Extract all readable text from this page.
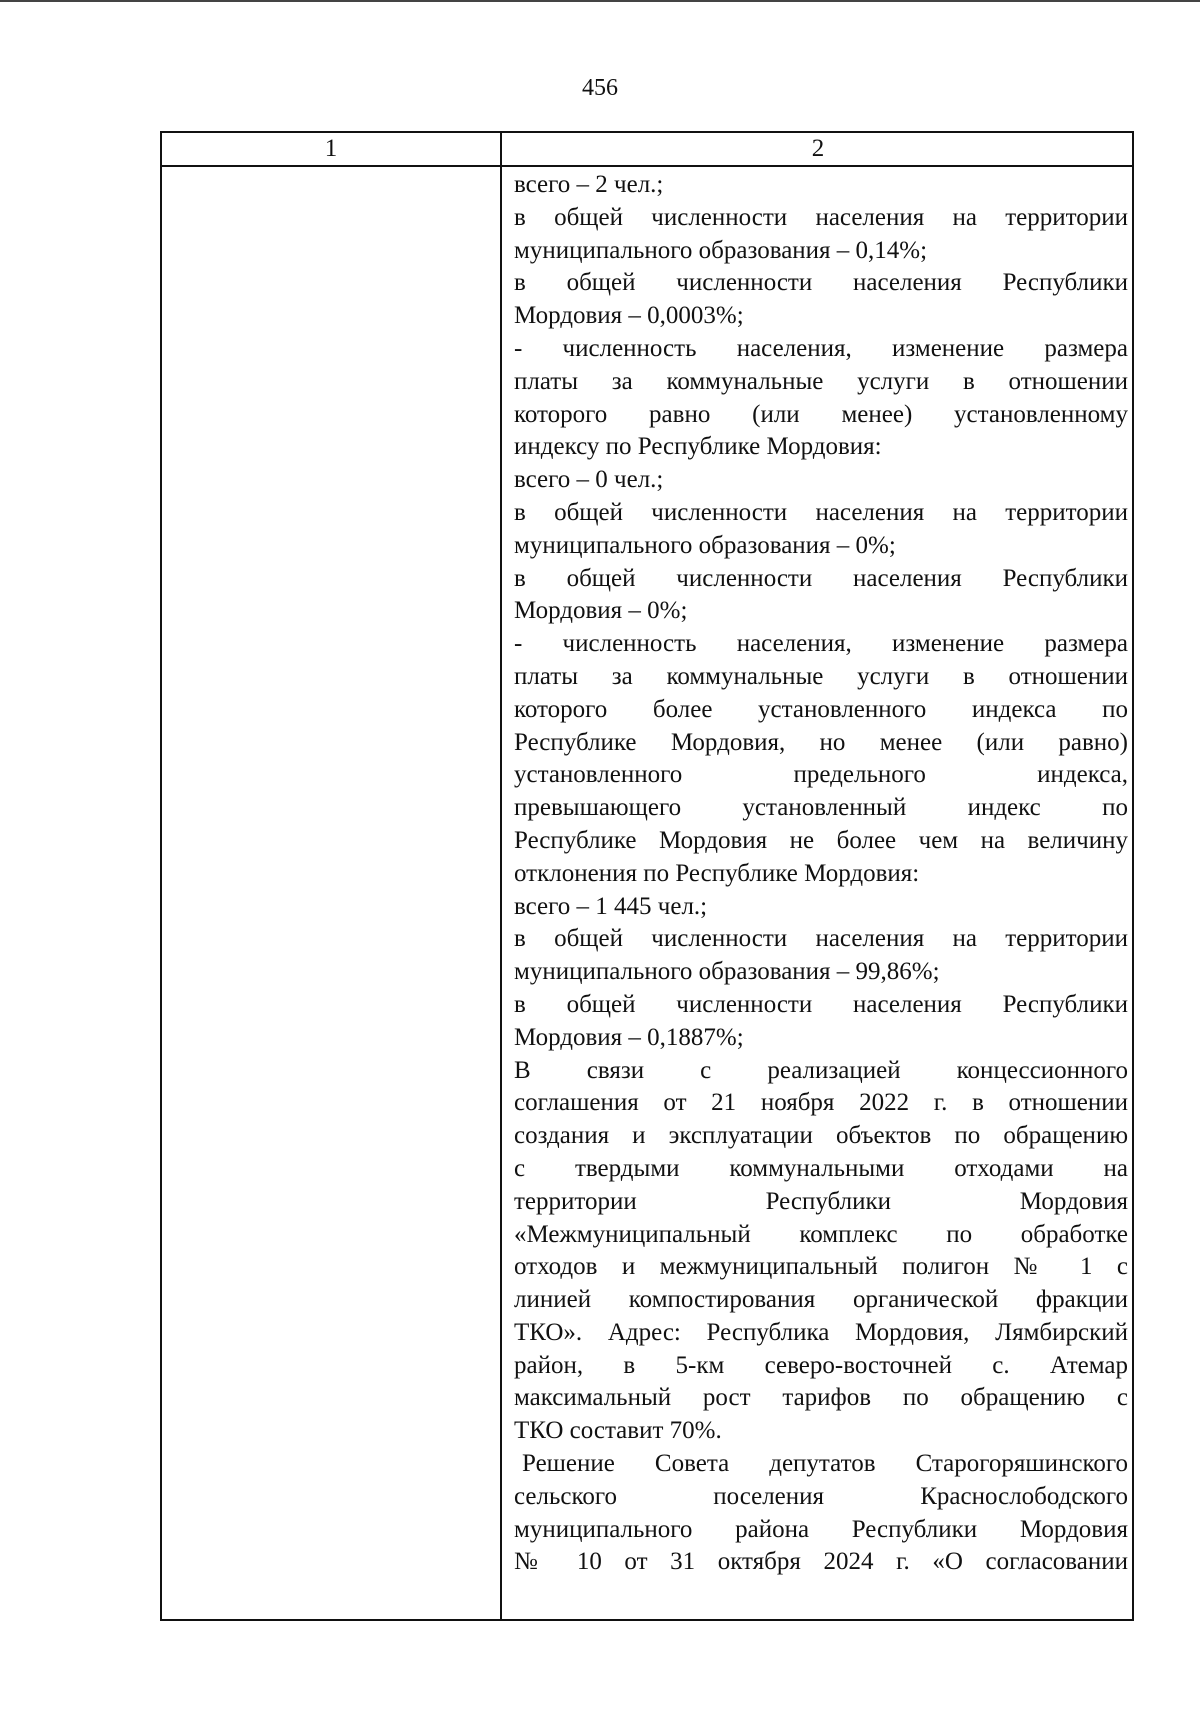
456
1	2

всего – 2 чел.;

в общей численности населения на территории

муниципального образования – 0,14%;

в общей численности населения Республики

Мордовия – 0,0003%;

- численность населения, изменение размера

платы за коммунальные услуги в отношении

которого равно (или менее) установленному

индексу по Республике Мордовия:

всего – 0 чел.;

в общей численности населения на территории

муниципального образования – 0%;

в общей численности населения Республики

Мордовия – 0%;

- численность населения, изменение размера

платы за коммунальные услуги в отношении

которого более установленного индекса по

Республике Мордовия, но менее (или равно)

установленного предельного индекса,

превышающего установленный индекс по

Республике Мордовия не более чем на величину

отклонения по Республике Мордовия:

всего – 1 445 чел.;

в общей численности населения на территории

муниципального образования – 99,86%;

в общей численности населения Республики

Мордовия – 0,1887%;

В связи с реализацией концессионного

соглашения от 21 ноября 2022 г. в отношении

создания и эксплуатации объектов по обращению

с твердыми коммунальными отходами на

территории Республики Мордовия

«Межмуниципальный комплекс по обработке

отходов и межмуниципальный полигон № 1 с

линией компостирования органической фракции

ТКО». Адрес: Республика Мордовия, Лямбирский

район, в 5-км северо-восточней с. Атемар

максимальный рост тарифов по обращению с

ТКО составит 70%.

Решение Совета депутатов Старогоряшинского

сельского поселения Краснослободского

муниципального района Республики Мордовия

№ 10 от 31 октября 2024 г. «О согласовании
